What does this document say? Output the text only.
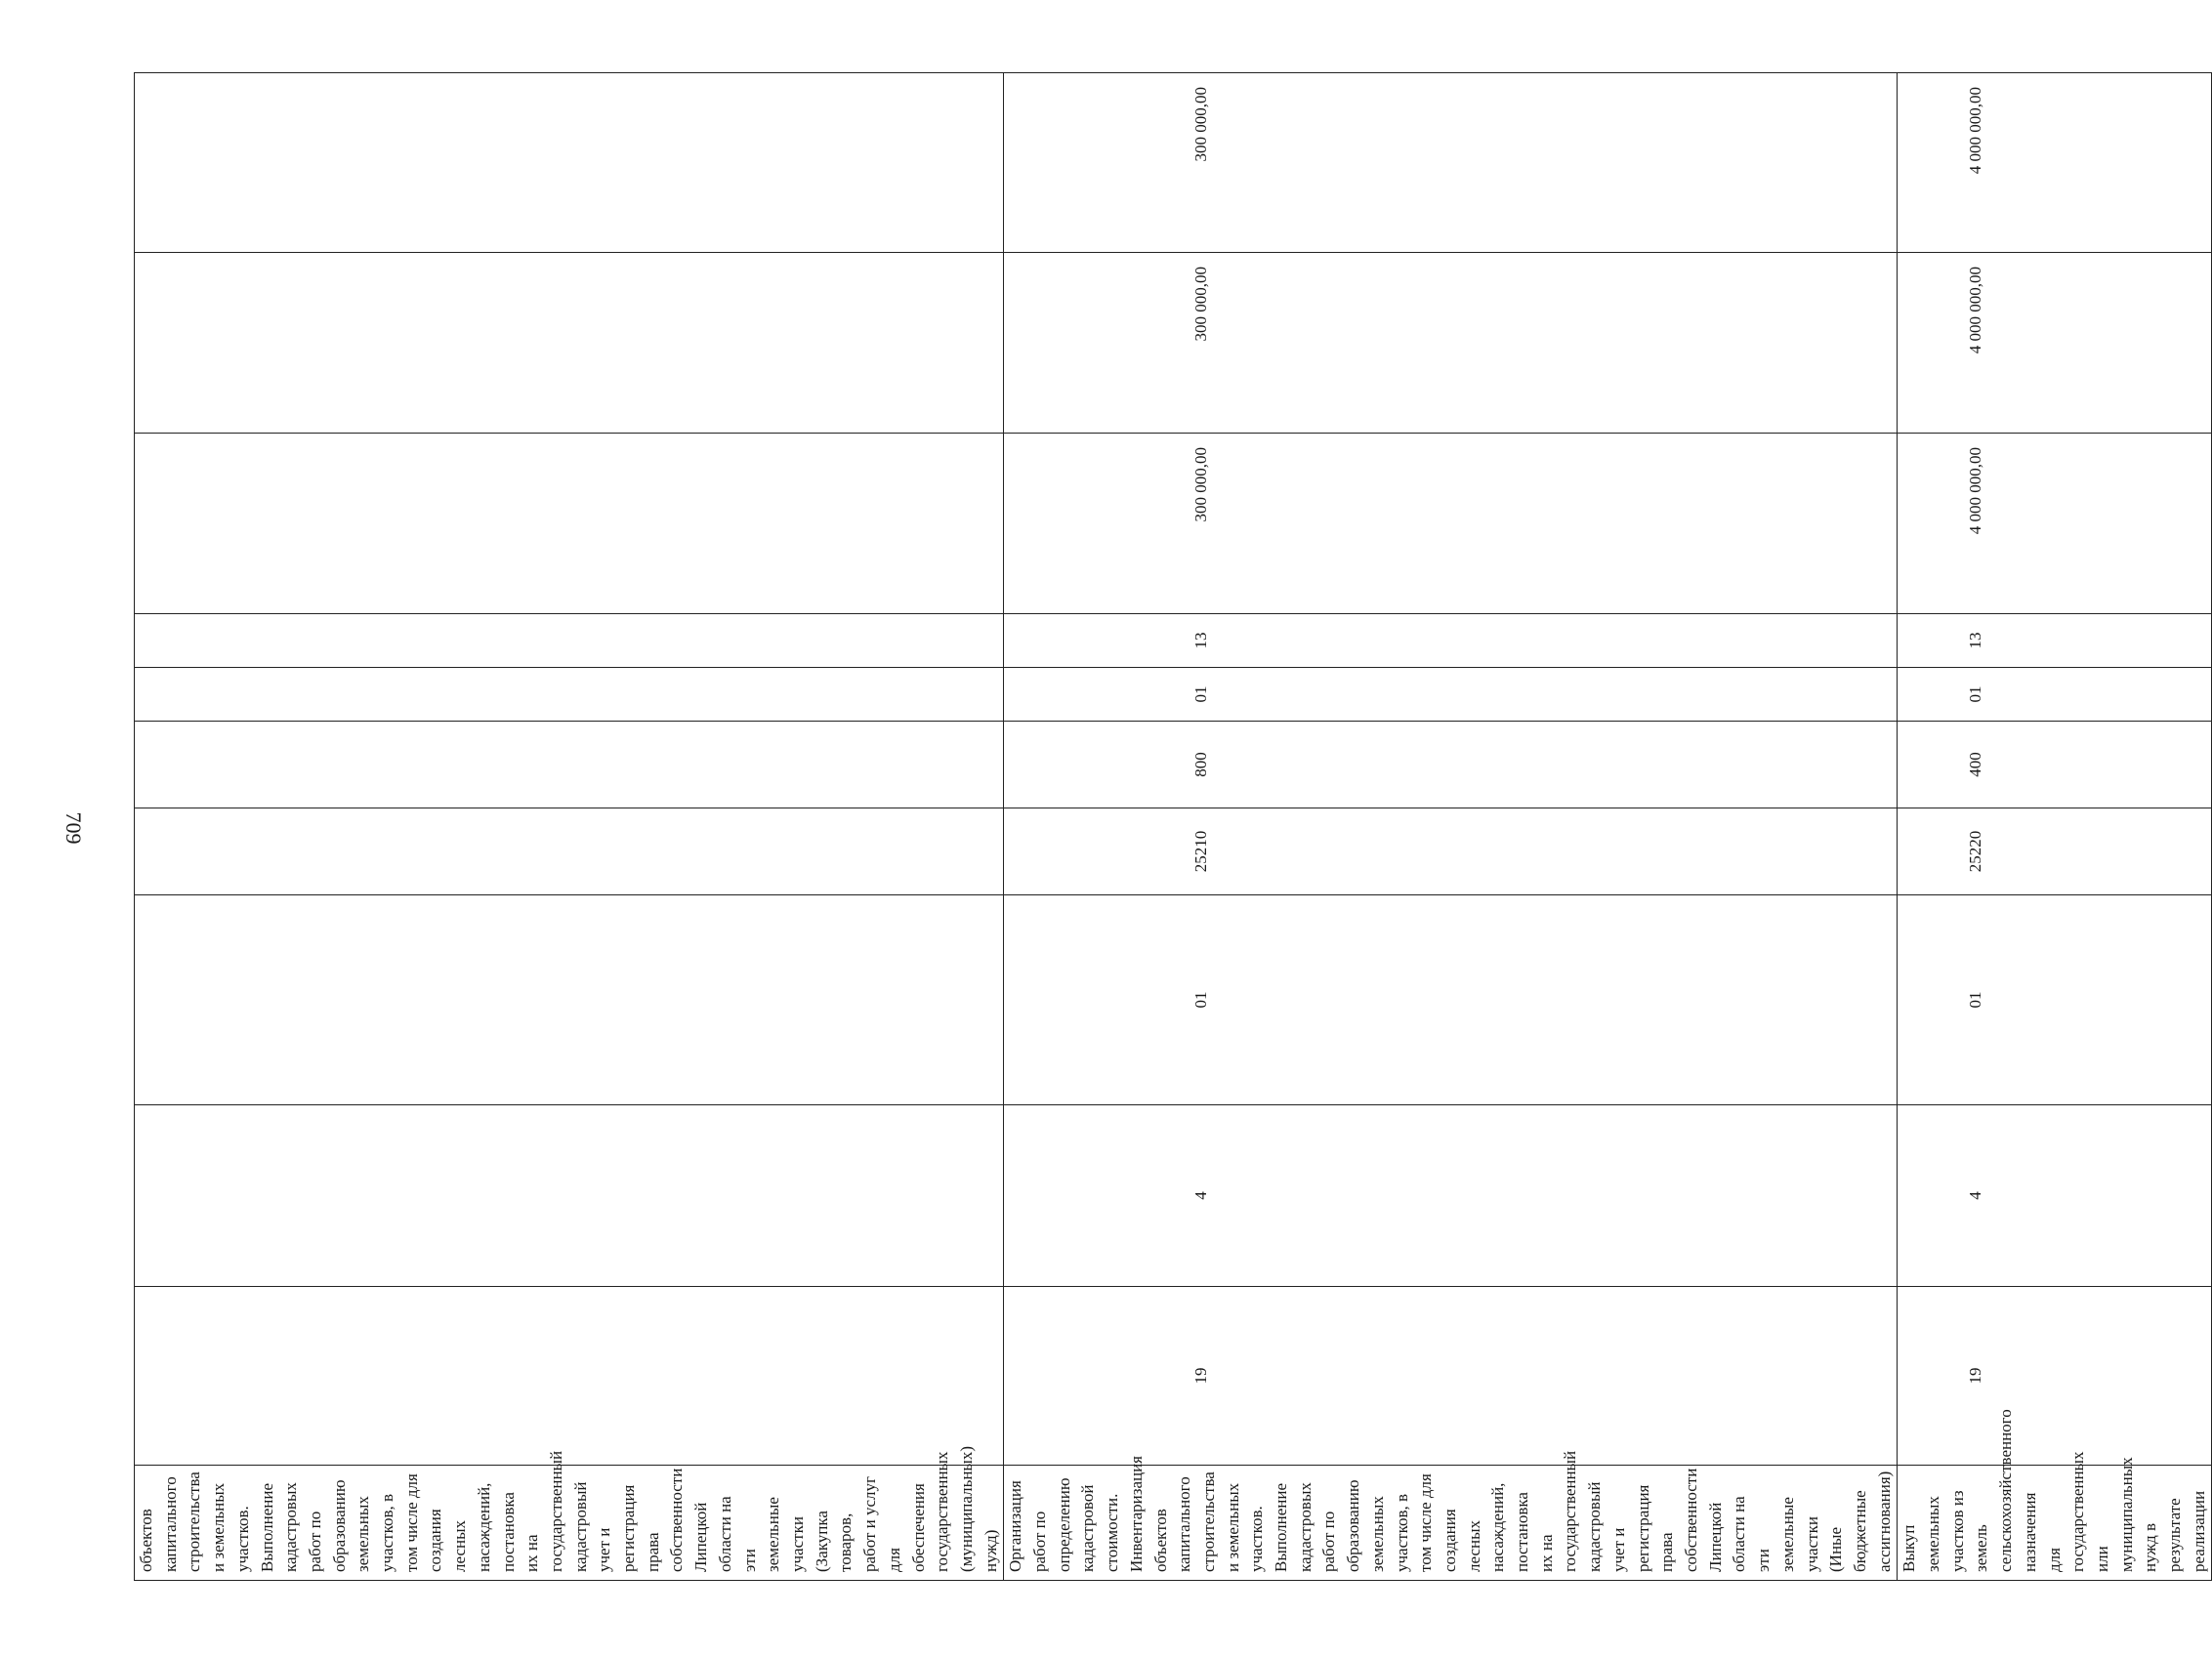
709
объектов капитального строительства и земельных участков. Выполнение кадастровых работ по образованию земельных участков, в том числе для создания лесных насаждений, постановка их на государственный кадастровый учет и регистрация права собственности Липецкой области на эти земельные участки (Закупка товаров, работ и услуг для обеспечения государственных (муниципальных) нужд)										
Организация работ по определению кадастровой стоимости. Инвентаризация объектов капитального строительства и земельных участков. Выполнение кадастровых работ по образованию земельных участков, в том числе для создания лесных насаждений, постановка их на государственный кадастровый учет и регистрация права собственности Липецкой области на эти земельные участки (Иные бюджетные ассигнования)	19	4	01	25210	800	01	13	300 000,00	300 000,00	300 000,00
Выкуп земельных участков из земель сельскохозяйственного назначения для государственных или муниципальных нужд в результате реализации	19	4	01	25220	400	01	13	4 000 000,00	4 000 000,00	4 000 000,00
